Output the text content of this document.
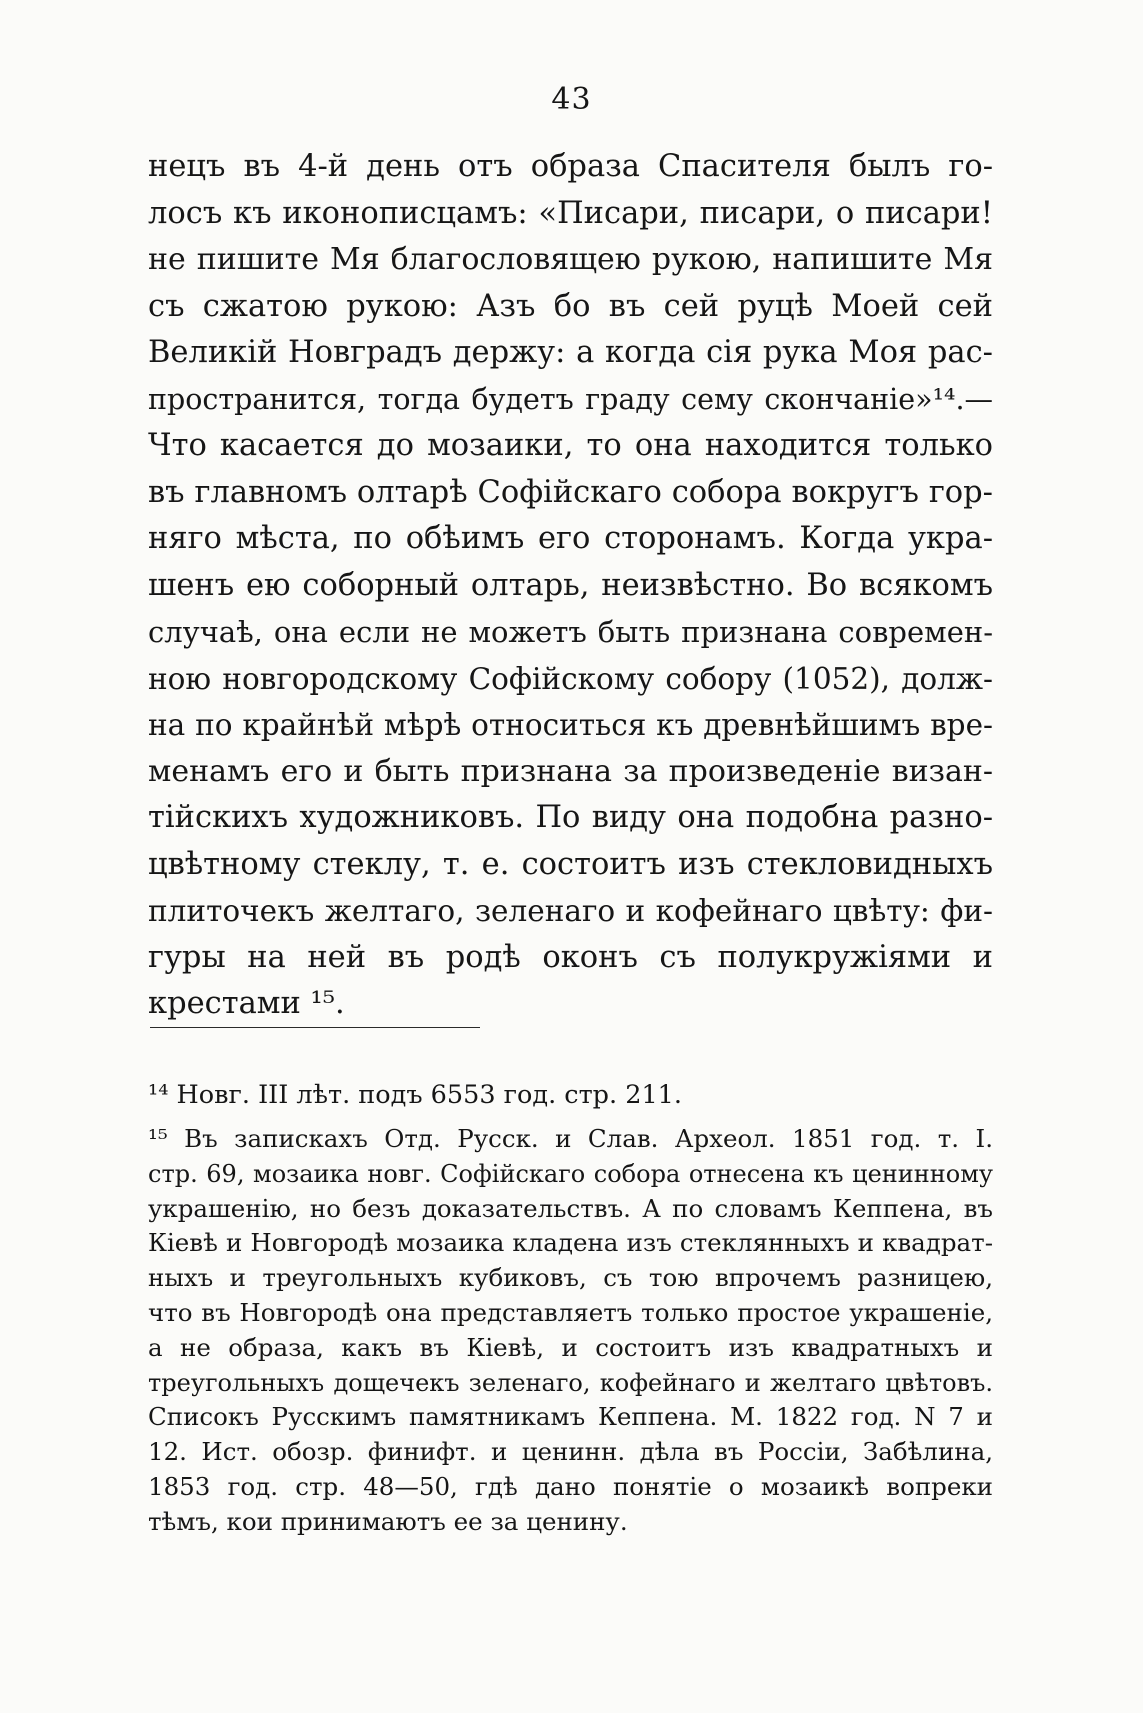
43
нецъ въ 4-й день отъ образа Спасителя былъ го-
лосъ къ иконописцамъ: «Писари, писари, о писари!
не пишите Мя благословящею рукою, напишите Мя
съ сжатою рукою: Азъ бо въ сей руцѣ Моей сей
Великій Новградъ держу: а когда сія рука Моя рас-
пространится, тогда будетъ граду сему скончаніе»¹⁴.—
Что касается до мозаики, то она находится только
въ главномъ олтарѣ Софійскаго собора вокругъ гор-
няго мѣста, по обѣимъ его сторонамъ. Когда укра-
шенъ ею соборный олтарь, неизвѣстно. Во всякомъ
случаѣ, она если не можетъ быть признана современ-
ною новгородскому Софійскому собору (1052), долж-
на по крайнѣй мѣрѣ относиться къ древнѣйшимъ вре-
менамъ его и быть признана за произведеніе визан-
тійскихъ художниковъ. По виду она подобна разно-
цвѣтному стеклу, т. е. состоитъ изъ стекловидныхъ
плиточекъ желтаго, зеленаго и кофейнаго цвѣту: фи-
гуры на ней въ родѣ оконъ съ полукружіями и
крестами ¹⁵.
¹⁴ Новг. III лѣт. подъ 6553 год. стр. 211.
¹⁵ Въ запискахъ Отд. Русск. и Слав. Археол. 1851 год. т. I.
стр. 69, мозаика новг. Софійскаго собора отнесена къ ценинному
украшенію, но безъ доказательствъ. А по словамъ Кеппена, въ
Кіевѣ и Новгородѣ мозаика кладена изъ стеклянныхъ и квадрат-
ныхъ и треугольныхъ кубиковъ, съ тою впрочемъ разницею,
что въ Новгородѣ она представляетъ только простое украшеніе,
а не образа, какъ въ Кіевѣ, и состоитъ изъ квадратныхъ и
треугольныхъ дощечекъ зеленаго, кофейнаго и желтаго цвѣтовъ.
Списокъ Русскимъ памятникамъ Кеппена. М. 1822 год. N 7 и
12. Ист. обозр. финифт. и ценинн. дѣла въ Россіи, Забѣлина,
1853 год. стр. 48—50, гдѣ дано понятіе о мозаикѣ вопреки
тѣмъ, кои принимаютъ ее за ценину.
